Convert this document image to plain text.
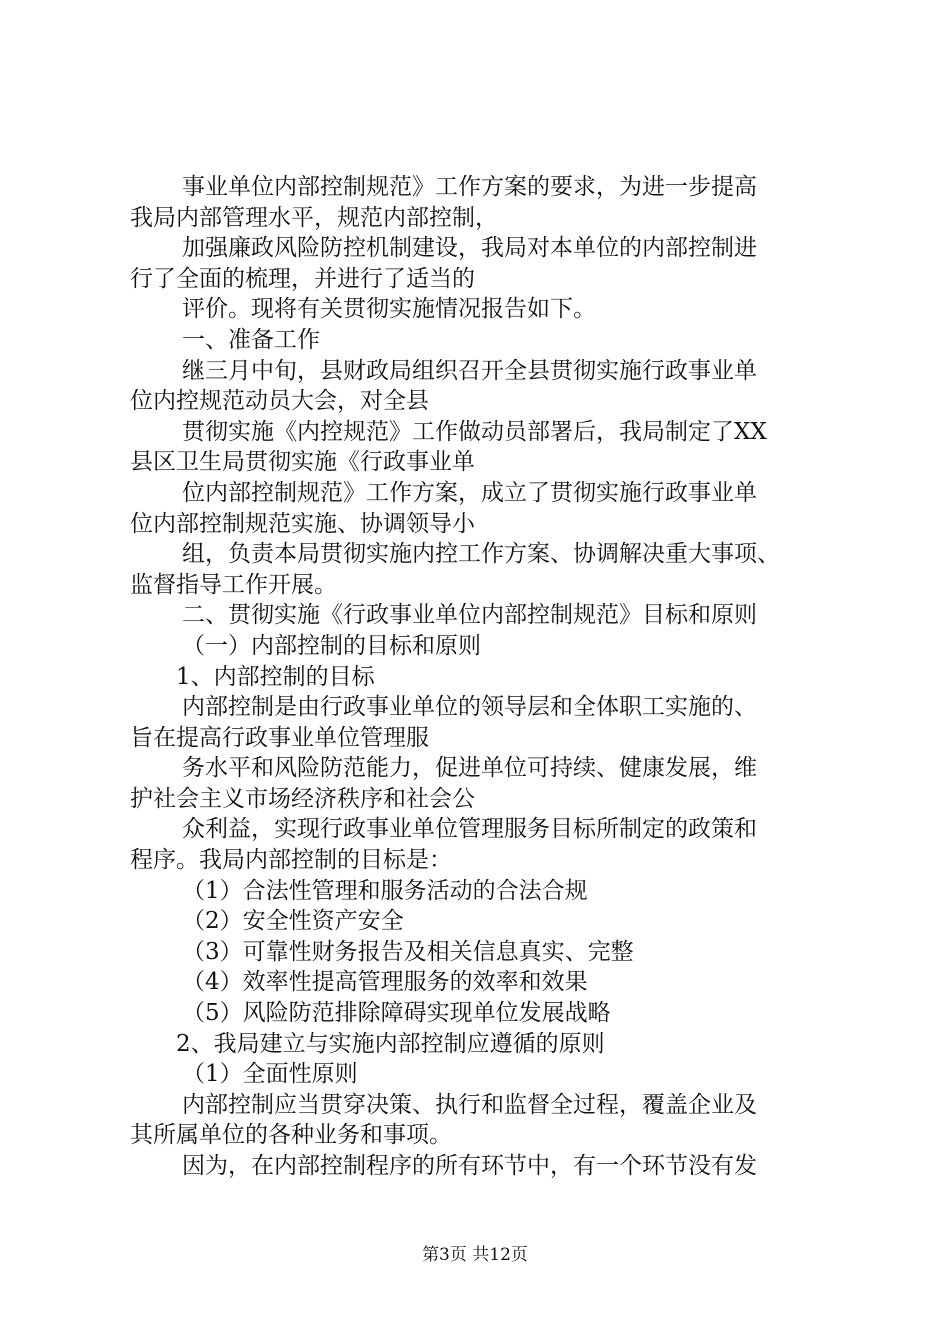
事业单位内部控制规范》工作方案的要求，为进一步提高
我局内部管理水平，规范内部控制，
加强廉政风险防控机制建设，我局对本单位的内部控制进
行了全面的梳理，并进行了适当的
评价。现将有关贯彻实施情况报告如下。
一、准备工作
继三月中旬，县财政局组织召开全县贯彻实施行政事业单
位内控规范动员大会，对全县
贯彻实施《内控规范》工作做动员部署后，我局制定了XX
县区卫生局贯彻实施《行政事业单
位内部控制规范》工作方案，成立了贯彻实施行政事业单
位内部控制规范实施、协调领导小
组，负责本局贯彻实施内控工作方案、协调解决重大事项、
监督指导工作开展。
二、贯彻实施《行政事业单位内部控制规范》目标和原则
（一）内部控制的目标和原则
1、内部控制的目标
内部控制是由行政事业单位的领导层和全体职工实施的、
旨在提高行政事业单位管理服
务水平和风险防范能力，促进单位可持续、健康发展，维
护社会主义市场经济秩序和社会公
众利益，实现行政事业单位管理服务目标所制定的政策和
程序。我局内部控制的目标是：
（1）合法性管理和服务活动的合法合规
（2）安全性资产安全
（3）可靠性财务报告及相关信息真实、完整
（4）效率性提高管理服务的效率和效果
（5）风险防范排除障碍实现单位发展战略
2、我局建立与实施内部控制应遵循的原则
（1）全面性原则
内部控制应当贯穿决策、执行和监督全过程，覆盖企业及
其所属单位的各种业务和事项。
因为，在内部控制程序的所有环节中，有一个环节没有发
第3页 共12页
